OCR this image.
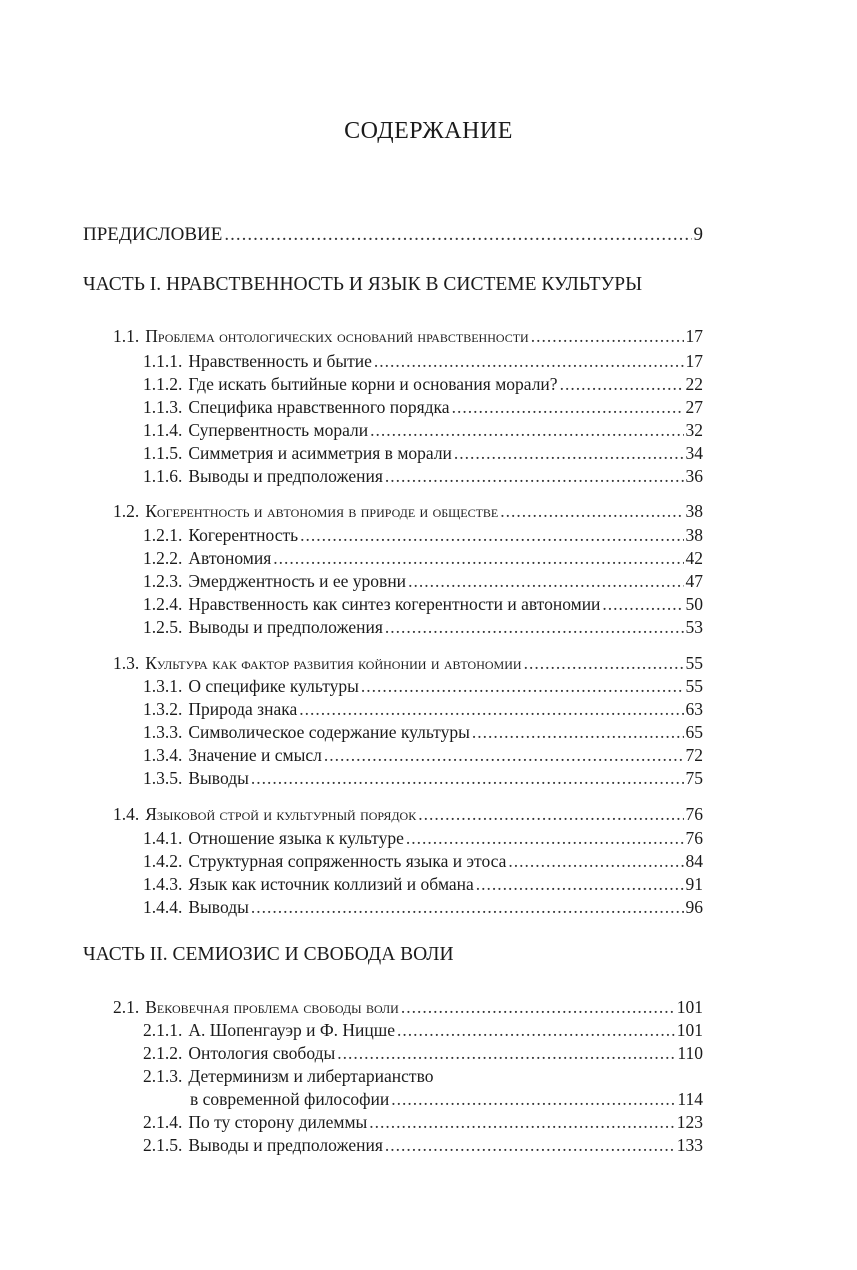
СОДЕРЖАНИЕ
ПРЕДИСЛОВИЕ .....	9
ЧАСТЬ I. НРАВСТВЕННОСТЬ И ЯЗЫК В СИСТЕМЕ КУЛЬТУРЫ
1.1. Проблема онтологических оснований нравственности .....	17
1.1.1. Нравственность и бытие .....	17
1.1.2. Где искать бытийные корни и основания морали? .....	22
1.1.3. Специфика нравственного порядка .....	27
1.1.4. Супервентность морали .....	32
1.1.5. Симметрия и асимметрия в морали .....	34
1.1.6. Выводы и предположения .....	36
1.2. Когерентность и автономия в природе и обществе .....	38
1.2.1. Когерентность .....	38
1.2.2. Автономия .....	42
1.2.3. Эмерджентность и ее уровни .....	47
1.2.4. Нравственность как синтез когерентности и автономии .....	50
1.2.5. Выводы и предположения .....	53
1.3. Культура как фактор развития койнонии и автономии .....	55
1.3.1. О специфике культуры .....	55
1.3.2. Природа знака .....	63
1.3.3. Символическое содержание культуры .....	65
1.3.4. Значение и смысл .....	72
1.3.5. Выводы .....	75
1.4. Языковой строй и культурный порядок .....	76
1.4.1. Отношение языка к культуре .....	76
1.4.2. Структурная сопряженность языка и этоса .....	84
1.4.3. Язык как источник коллизий и обмана .....	91
1.4.4. Выводы .....	96
ЧАСТЬ II. СЕМИОЗИС И СВОБОДА ВОЛИ
2.1. Вековечная проблема свободы воли .....	101
2.1.1. А. Шопенгауэр и Ф. Ницше .....	101
2.1.2. Онтология свободы .....	110
2.1.3. Детерминизм и либертарианство
в современной философии .....	114
2.1.4. По ту сторону дилеммы .....	123
2.1.5. Выводы и предположения .....	133
